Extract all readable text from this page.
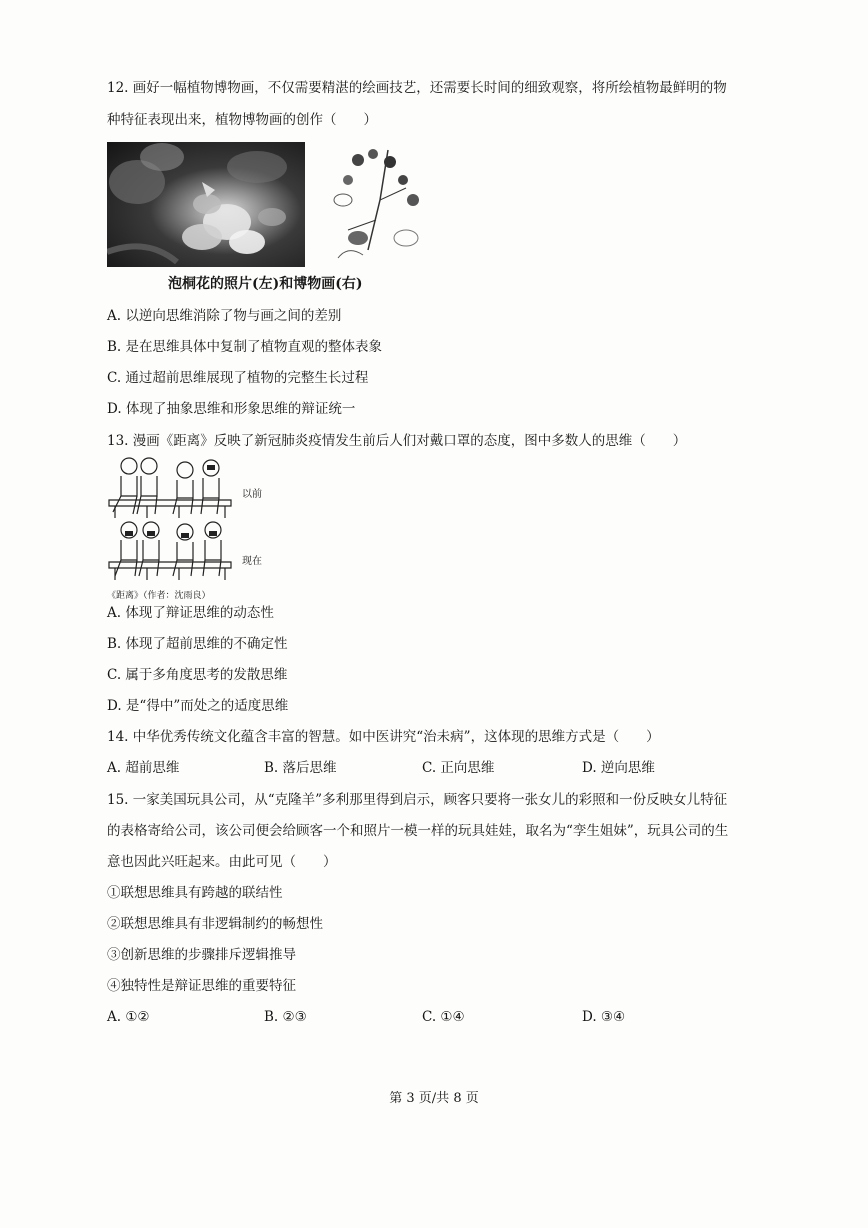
12. 画好一幅植物博物画，不仅需要精湛的绘画技艺，还需要长时间的细致观察，将所绘植物最鲜明的物
种特征表现出来，植物博物画的创作（　　）
泡桐花的照片(左)和博物画(右)
A. 以逆向思维消除了物与画之间的差别
B. 是在思维具体中复制了植物直观的整体表象
C. 通过超前思维展现了植物的完整生长过程
D. 体现了抽象思维和形象思维的辩证统一
13. 漫画《距离》反映了新冠肺炎疫情发生前后人们对戴口罩的态度，图中多数人的思维（　　）
以前
现在
《距离》（作者：沈雨良）
A. 体现了辩证思维的动态性
B. 体现了超前思维的不确定性
C. 属于多角度思考的发散思维
D. 是“得中”而处之的适度思维
14. 中华优秀传统文化蕴含丰富的智慧。如中医讲究“治未病”，这体现的思维方式是（　　）
A. 超前思维	B. 落后思维	C. 正向思维	D. 逆向思维
15. 一家美国玩具公司，从“克隆羊”多利那里得到启示，顾客只要将一张女儿的彩照和一份反映女儿特征
的表格寄给公司，该公司便会给顾客一个和照片一模一样的玩具娃娃，取名为“孪生姐妹”，玩具公司的生
意也因此兴旺起来。由此可见（　　）
①联想思维具有跨越的联结性
②联想思维具有非逻辑制约的畅想性
③创新思维的步骤排斥逻辑推导
④独特性是辩证思维的重要特征
A. ①②	B. ②③	C. ①④	D. ③④
第 3 页/共 8 页
